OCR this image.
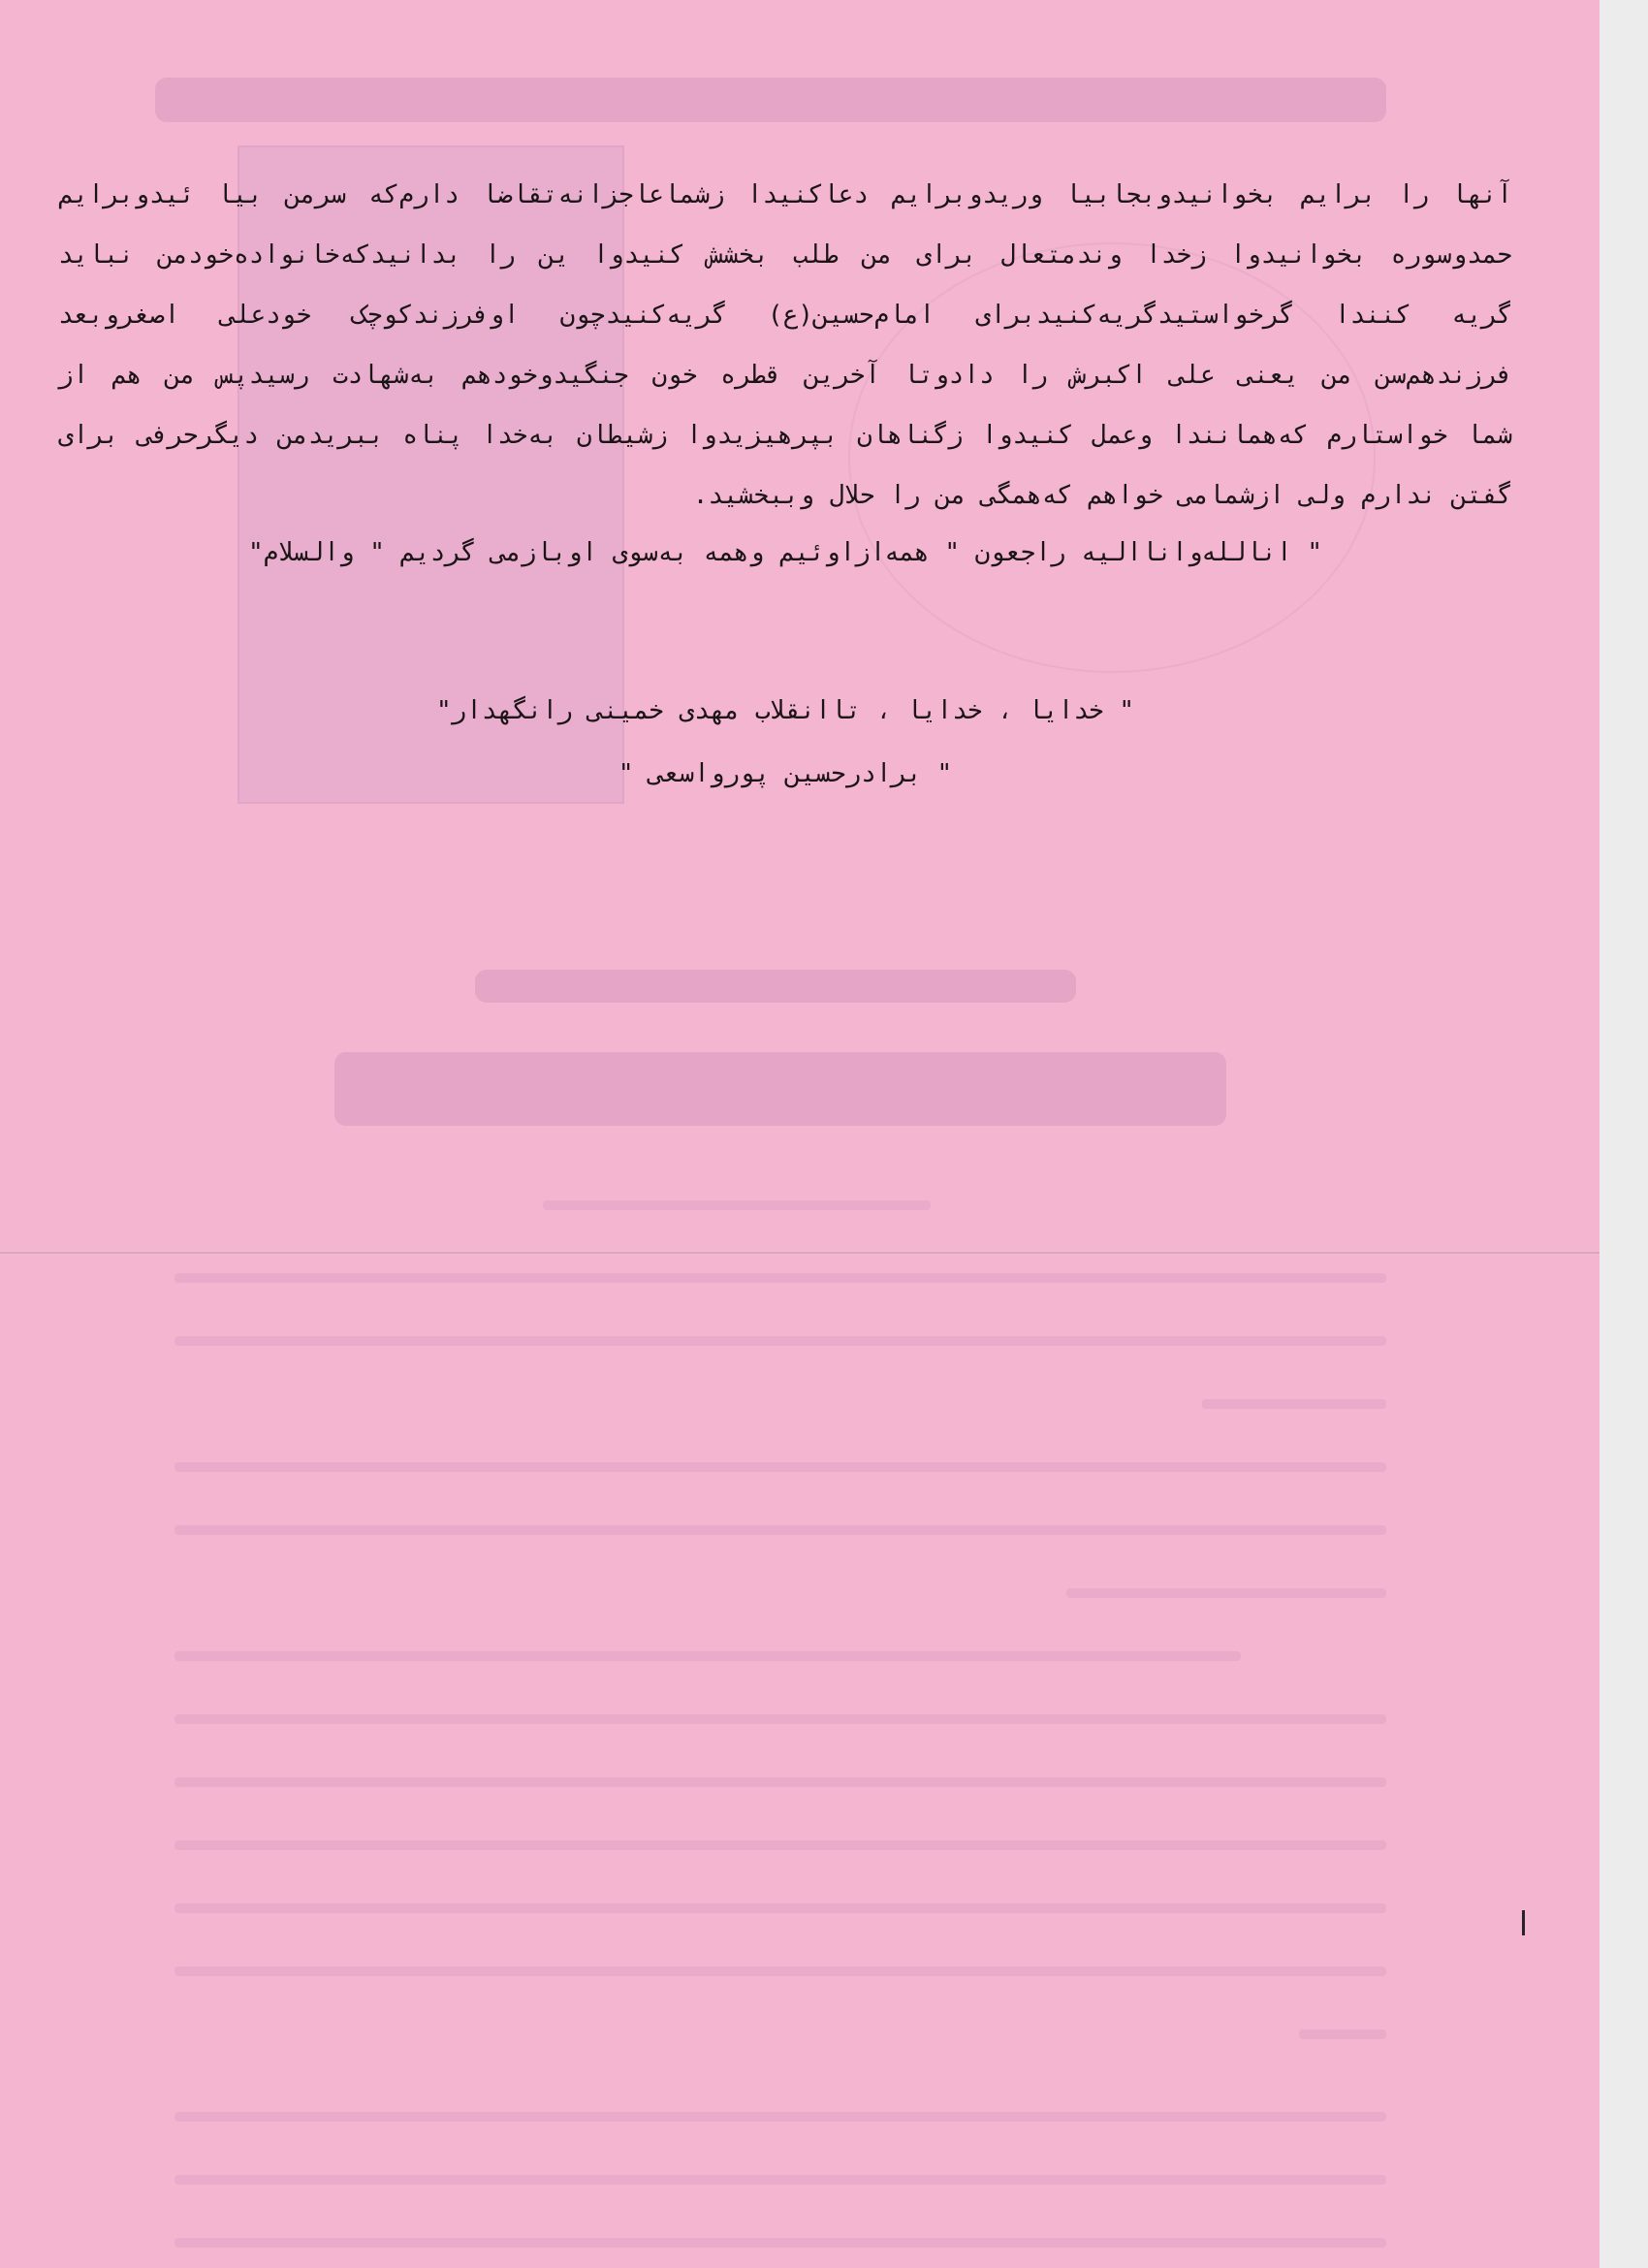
آنها را برایم بخوانیدوبجابیا وریدوبرایم دعاکنیدا زشماعاجزانه‌تقاضا دارم‌که سرمن بیا ئیدوبرایم
حمدوسوره بخوانیدوا زخدا وندمتعال برای من طلب بخشش کنیدوا ین را بدانیدکه‌خانواده‌خودمن نباید
گریه کنندا گرخواستیدگریه‌کنیدبرای امام‌حسین(ع) گریه‌کنیدچون اوفرزندکوچک خودعلی اصغروبعد
فرزندهم‌سن من یعنی علی اکبرش را دادوتا آخرین قطره خون جنگیدوخودهم به‌شهادت رسیدپس من هم از
شما خواستارم که‌همانندا وعمل کنیدوا زگناهان بپرهیزیدوا زشیطان به‌خدا پناه ببریدمن دیگرحرفی برای
گفتن ندارم ولی ازشمامی خواهم که‌همگی من را حلال وببخشید.
" اناللەواناالیه راجعون " همەازاوئیم وهمه به‌سوی اوبازمی گردیم " والسلام"
" خدایا ، خدایا ، تاانقلاب مهدی خمینی رانگهدار"
" برادرحسین پورواسعی "
